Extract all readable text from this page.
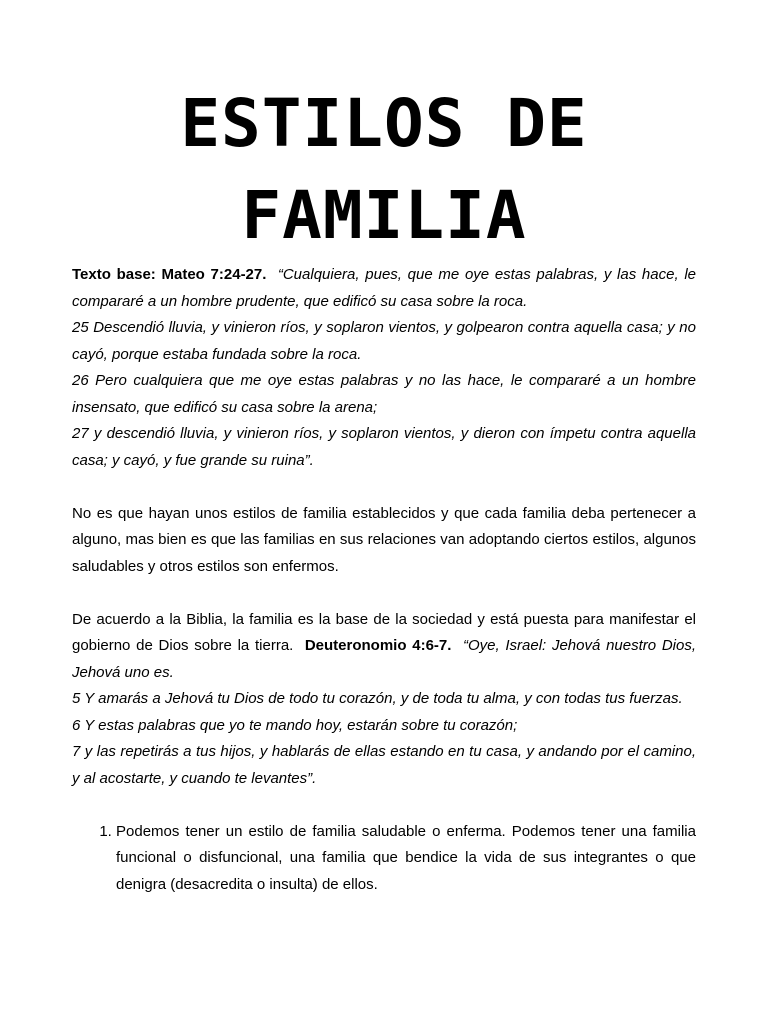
ESTILOS DE
FAMILIA

Texto base: Mateo 7:24-27. “Cualquiera, pues, que me oye estas palabras, y las hace, le compararé a un hombre prudente, que edificó su casa sobre la roca.

25 Descendió lluvia, y vinieron ríos, y soplaron vientos, y golpearon contra aquella casa; y no cayó, porque estaba fundada sobre la roca.

26 Pero cualquiera que me oye estas palabras y no las hace, le compararé a un hombre insensato, que edificó su casa sobre la arena;

27 y descendió lluvia, y vinieron ríos, y soplaron vientos, y dieron con ímpetu contra aquella casa; y cayó, y fue grande su ruina”.

No es que hayan unos estilos de familia establecidos y que cada familia deba pertenecer a alguno, mas bien es que las familias en sus relaciones van adoptando ciertos estilos, algunos saludables y otros estilos son enfermos.

De acuerdo a la Biblia, la familia es la base de la sociedad y está puesta para manifestar el gobierno de Dios sobre la tierra. Deuteronomio 4:6-7. “Oye, Israel: Jehová nuestro Dios, Jehová uno es.

5 Y amarás a Jehová tu Dios de todo tu corazón, y de toda tu alma, y con todas tus fuerzas.

6 Y estas palabras que yo te mando hoy, estarán sobre tu corazón;

7 y las repetirás a tus hijos, y hablarás de ellas estando en tu casa, y andando por el camino, y al acostarte, y cuando te levantes”.

1. Podemos tener un estilo de familia saludable o enferma. Podemos tener una familia funcional o disfuncional, una familia que bendice la vida de sus integrantes o que denigra (desacredita o insulta) de ellos.
